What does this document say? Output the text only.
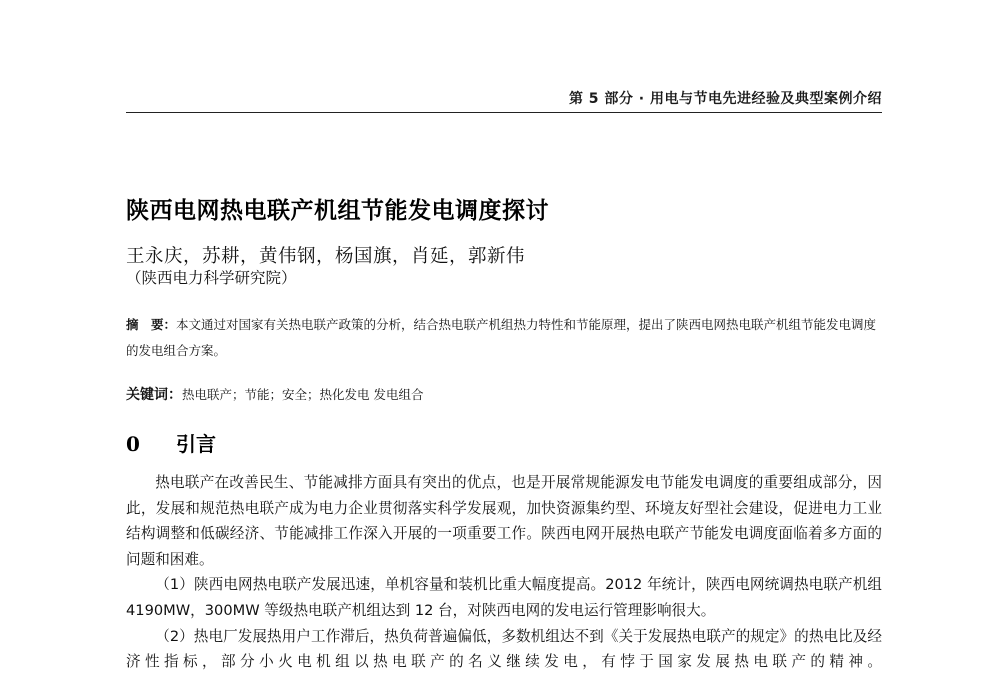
第 5 部分 · 用电与节电先进经验及典型案例介绍
陕西电网热电联产机组节能发电调度探讨
王永庆，苏耕，黄伟钢，杨国旗，肖延，郭新伟
（陕西电力科学研究院）
摘　要：本文通过对国家有关热电联产政策的分析，结合热电联产机组热力特性和节能原理，提出了陕西电网热电联产机组节能发电调度的发电组合方案。
关键词：热电联产；节能；安全；热化发电 发电组合
0 引言

热电联产在改善民生、节能减排方面具有突出的优点，也是开展常规能源发电节能发电调度的重要组成部分，因此，发展和规范热电联产成为电力企业贯彻落实科学发展观，加快资源集约型、环境友好型社会建设，促进电力工业结构调整和低碳经济、节能减排工作深入开展的一项重要工作。陕西电网开展热电联产节能发电调度面临着多方面的问题和困难。

（1）陕西电网热电联产发展迅速，单机容量和装机比重大幅度提高。2012 年统计，陕西电网统调热电联产机组 4190MW，300MW 等级热电联产机组达到 12 台，对陕西电网的发电运行管理影响很大。

（2）热电厂发展热用户工作滞后，热负荷普遍偏低，多数机组达不到《关于发展热电联产的规定》的热电比及经济性指标，部分小火电机组以热电联产的名义继续发电，有悖于国家发展热电联产的精神。
